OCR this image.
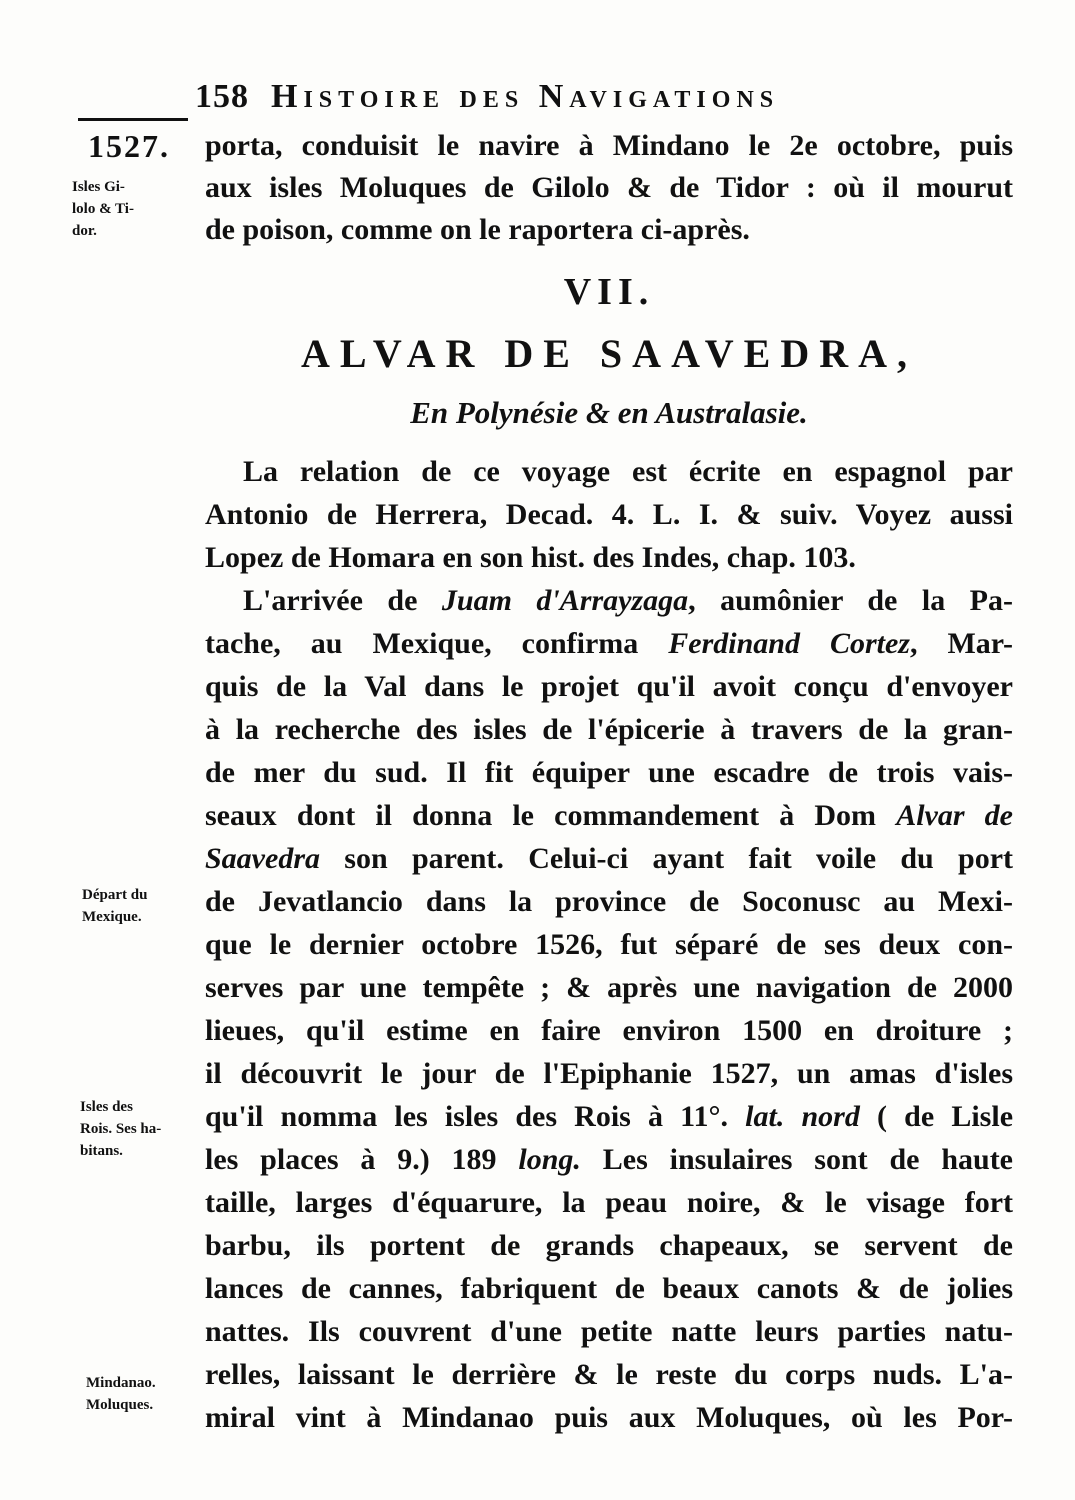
158 Histoire des Navigations
1527.
Isles Gi-
lolo & Ti-
dor.
Départ du
Mexique.
Isles des
Rois. Ses ha-
bitans.
Mindanao.
Moluques.
porta, conduisit le navire à Mindano le 2e octobre, puis
aux isles Moluques de Gilolo & de Tidor : où il mourut
de poison, comme on le raportera ci-après.
VII.
ALVAR DE SAAVEDRA,
En Polynésie & en Australasie.
La relation de ce voyage est écrite en espagnol par
Antonio de Herrera, Decad. 4. L. I. & suiv. Voyez aussi
Lopez de Homara en son hist. des Indes, chap. 103.
L'arrivée de Juam d'Arrayzaga, aumônier de la Pa-
tache, au Mexique, confirma Ferdinand Cortez, Mar-
quis de la Val dans le projet qu'il avoit conçu d'envoyer
à la recherche des isles de l'épicerie à travers de la gran-
de mer du sud. Il fit équiper une escadre de trois vais-
seaux dont il donna le commandement à Dom Alvar de
Saavedra son parent. Celui-ci ayant fait voile du port
de Jevatlancio dans la province de Soconusc au Mexi-
que le dernier octobre 1526, fut séparé de ses deux con-
serves par une tempête ; & après une navigation de 2000
lieues, qu'il estime en faire environ 1500 en droiture ;
il découvrit le jour de l'Epiphanie 1527, un amas d'isles
qu'il nomma les isles des Rois à 11°. lat. nord ( de Lisle
les places à 9.) 189 long. Les insulaires sont de haute
taille, larges d'équarure, la peau noire, & le visage fort
barbu, ils portent de grands chapeaux, se servent de
lances de cannes, fabriquent de beaux canots & de jolies
nattes. Ils couvrent d'une petite natte leurs parties natu-
relles, laissant le derrière & le reste du corps nuds. L'a-
miral vint à Mindanao puis aux Moluques, où les Por-
